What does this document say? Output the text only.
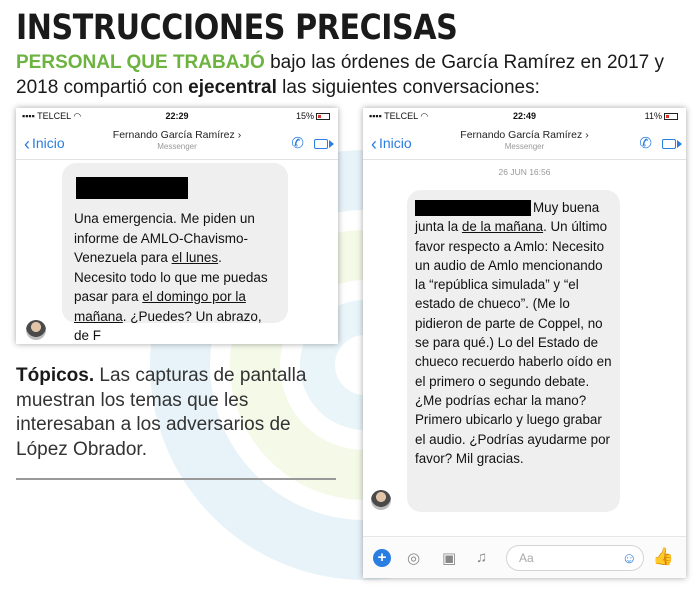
INSTRUCCIONES PRECISAS

PERSONAL QUE TRABAJÓ bajo las órdenes de García Ramírez en 2017 y 2018 compartió con ejecentral las siguientes conversaciones:

▪▪▪▪ TELCEL ◠	22:29	15%
‹ Inicio	Fernando García Ramírez ›
Messenger	✆
Una emergencia. Me piden un informe de AMLO-Chavismo-Venezuela para el lunes. Necesito todo lo que me puedas pasar para el domingo por la mañana. ¿Puedes? Un abrazo, de F
▪▪▪▪ TELCEL ◠	22:49	11%
‹ Inicio	Fernando García Ramírez ›
Messenger	✆
26 JUN 16:56
Muy buena junta la de la mañana. Un último favor respecto a Amlo: Necesito un audio de Amlo mencionando la “república simulada” y “el estado de chueco”. (Me lo pidieron de parte de Coppel, no se para qué.) Lo del Estado de chueco recuerdo haberlo oído en el primero o segundo debate. ¿Me podrías echar la mano? Primero ubicarlo y luego grabar el audio. ¿Podrías ayudarme por favor? Mil gracias.
+	◎ ▣ ♫	Aa	☺ 👍

Tópicos. Las capturas de pantalla muestran los temas que les interesaban a los adversarios de López Obrador.
